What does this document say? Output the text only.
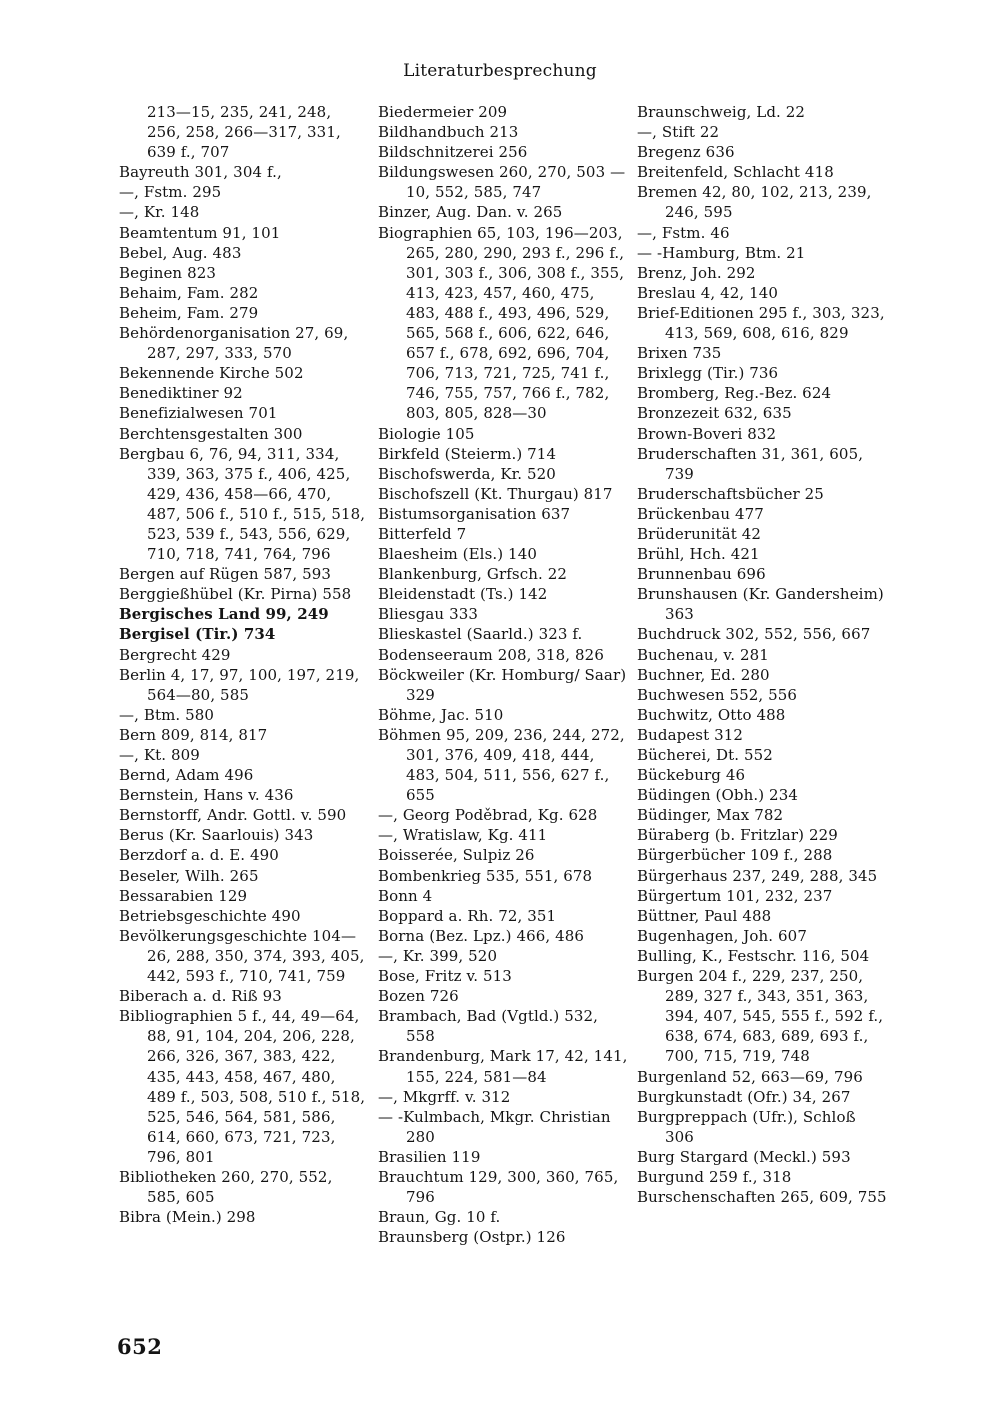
Literaturbesprechung

213—15, 235, 241, 248, 256, 258, 266—317, 331, 639 f., 707

Bayreuth 301, 304 f.,

—, Fstm. 295

—, Kr. 148

Beamtentum 91, 101

Bebel, Aug. 483

Beginen 823

Behaim, Fam. 282

Beheim, Fam. 279

Behördenorganisation 27, 69, 287, 297, 333, 570

Bekennende Kirche 502

Benediktiner 92

Benefizialwesen 701

Berchtensgestalten 300

Bergbau 6, 76, 94, 311, 334, 339, 363, 375 f., 406, 425, 429, 436, 458—66, 470, 487, 506 f., 510 f., 515, 518, 523, 539 f., 543, 556, 629, 710, 718, 741, 764, 796

Bergen auf Rügen 587, 593

Berggießhübel (Kr. Pirna) 558

Bergisches Land 99, 249

Bergisel (Tir.) 734

Bergrecht 429

Berlin 4, 17, 97, 100, 197, 219, 564—80, 585

—, Btm. 580

Bern 809, 814, 817

—, Kt. 809

Bernd, Adam 496

Bernstein, Hans v. 436

Bernstorff, Andr. Gottl. v. 590

Berus (Kr. Saarlouis) 343

Berzdorf a. d. E. 490

Beseler, Wilh. 265

Bessarabien 129

Betriebsgeschichte 490

Bevölkerungsgeschichte 104—26, 288, 350, 374, 393, 405, 442, 593 f., 710, 741, 759

Biberach a. d. Riß 93

Bibliographien 5 f., 44, 49—64, 88, 91, 104, 204, 206, 228, 266, 326, 367, 383, 422, 435, 443, 458, 467, 480, 489 f., 503, 508, 510 f., 518, 525, 546, 564, 581, 586, 614, 660, 673, 721, 723, 796, 801

Bibliotheken 260, 270, 552, 585, 605

Bibra (Mein.) 298

Biedermeier 209

Bildhandbuch 213

Bildschnitzerei 256

Bildungswesen 260, 270, 503 —10, 552, 585, 747

Binzer, Aug. Dan. v. 265

Biographien 65, 103, 196—203, 265, 280, 290, 293 f., 296 f., 301, 303 f., 306, 308 f., 355, 413, 423, 457, 460, 475, 483, 488 f., 493, 496, 529, 565, 568 f., 606, 622, 646, 657 f., 678, 692, 696, 704, 706, 713, 721, 725, 741 f., 746, 755, 757, 766 f., 782, 803, 805, 828—30

Biologie 105

Birkfeld (Steierm.) 714

Bischofswerda, Kr. 520

Bischofszell (Kt. Thurgau) 817

Bistumsorganisation 637

Bitterfeld 7

Blaesheim (Els.) 140

Blankenburg, Grfsch. 22

Bleidenstadt (Ts.) 142

Bliesgau 333

Blieskastel (Saarld.) 323 f.

Bodenseeraum 208, 318, 826

Böckweiler (Kr. Homburg/ Saar) 329

Böhme, Jac. 510

Böhmen 95, 209, 236, 244, 272, 301, 376, 409, 418, 444, 483, 504, 511, 556, 627 f., 655

—, Georg Poděbrad, Kg. 628

—, Wratislaw, Kg. 411

Boisserée, Sulpiz 26

Bombenkrieg 535, 551, 678

Bonn 4

Boppard a. Rh. 72, 351

Borna (Bez. Lpz.) 466, 486

—, Kr. 399, 520

Bose, Fritz v. 513

Bozen 726

Brambach, Bad (Vgtld.) 532, 558

Brandenburg, Mark 17, 42, 141, 155, 224, 581—84

—, Mkgrff. v. 312

— -Kulmbach, Mkgr. Christian 280

Brasilien 119

Brauchtum 129, 300, 360, 765, 796

Braun, Gg. 10 f.

Braunsberg (Ostpr.) 126

Braunschweig, Ld. 22

—, Stift 22

Bregenz 636

Breitenfeld, Schlacht 418

Bremen 42, 80, 102, 213, 239, 246, 595

—, Fstm. 46

— -Hamburg, Btm. 21

Brenz, Joh. 292

Breslau 4, 42, 140

Brief-Editionen 295 f., 303, 323, 413, 569, 608, 616, 829

Brixen 735

Brixlegg (Tir.) 736

Bromberg, Reg.-Bez. 624

Bronzezeit 632, 635

Brown-Boveri 832

Bruderschaften 31, 361, 605, 739

Bruderschaftsbücher 25

Brückenbau 477

Brüderunität 42

Brühl, Hch. 421

Brunnenbau 696

Brunshausen (Kr. Gandersheim) 363

Buchdruck 302, 552, 556, 667

Buchenau, v. 281

Buchner, Ed. 280

Buchwesen 552, 556

Buchwitz, Otto 488

Budapest 312

Bücherei, Dt. 552

Bückeburg 46

Büdingen (Obh.) 234

Büdinger, Max 782

Büraberg (b. Fritzlar) 229

Bürgerbücher 109 f., 288

Bürgerhaus 237, 249, 288, 345

Bürgertum 101, 232, 237

Büttner, Paul 488

Bugenhagen, Joh. 607

Bulling, K., Festschr. 116, 504

Burgen 204 f., 229, 237, 250, 289, 327 f., 343, 351, 363, 394, 407, 545, 555 f., 592 f., 638, 674, 683, 689, 693 f., 700, 715, 719, 748

Burgenland 52, 663—69, 796

Burgkunstadt (Ofr.) 34, 267

Burgpreppach (Ufr.), Schloß 306

Burg Stargard (Meckl.) 593

Burgund 259 f., 318

Burschenschaften 265, 609, 755

652
